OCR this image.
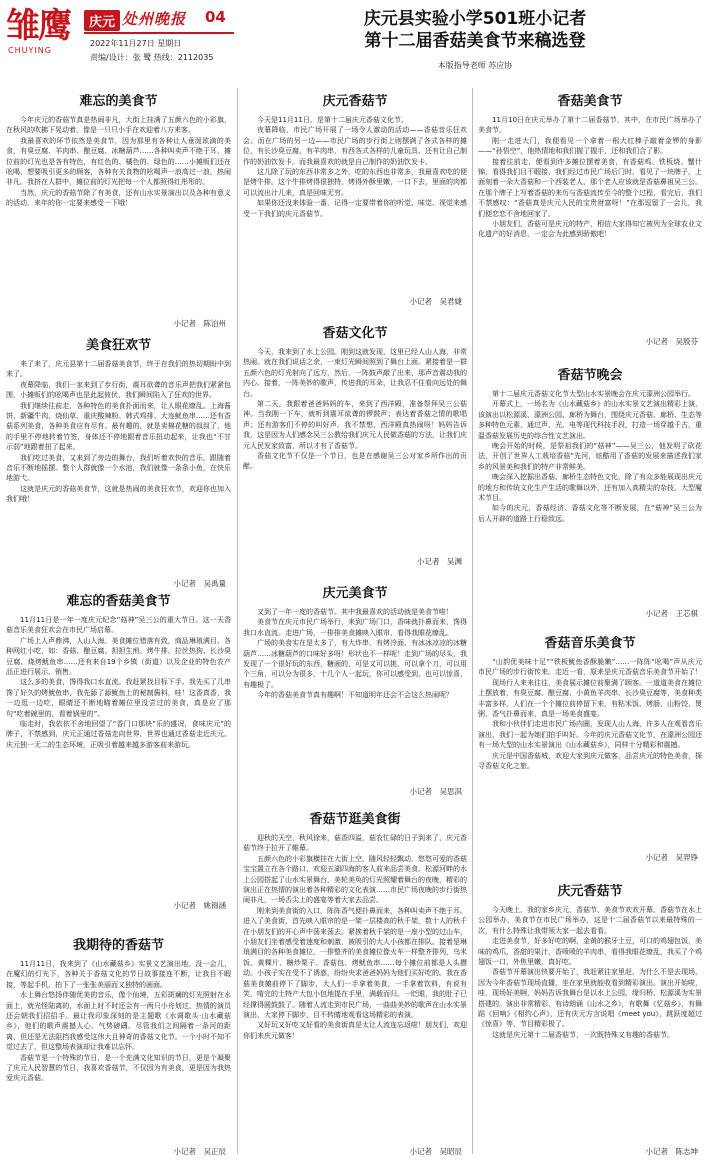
雏鹰
CHUYING
庆元 处州晚报 04
2022年11月27日 星期日
责编/设计：张 鹭 热线：2112035
庆元县实验小学501班小记者
第十二届香菇美食节来稿选登
本版指导老师 苏应协
难忘的美食节

今年庆元的香菇节真是热闹非凡，大街上挂满了五颜六色的小彩旗，在秋风的吹拂下晃动着，像是一只只小手在欢迎着八方来客。

我最喜欢的环节依然是美食节，因为那里有各种让人垂涎欲滴的美食，有臭豆腐、羊肉串、酿豆腐、冰糖葫芦……各种叫卖声不绝于耳，摊位前的灯光也是各有特色，有红色的、橘色的、绿色的……小摊贩们还在吆喝，想要吸引更多的顾客，各种有关食物的吆喝声一浪高过一浪，热闹非凡。我挤在人群中，摊位前的灯光把每一个人都照得红彤彤的。

当然，庆元的香菇节除了有美食，还有山水实景演出以及各种有意义的活动，来年的你一定要来感受一下哦！

小记者　陈泊州
美食狂欢节

来了来了，庆元县第十二届香菇美食节，终于在我们的热切期盼中到来了。

夜幕降临，我们一家来到了步行街，震耳欲聋的音乐声把我们紧紧包围，小摊贩们的吆喝声也是此起彼伏，我们瞬间陷入了狂欢的世界。

我们继续往前走，各种特色的美食扑面而来，让人眼花缭乱。上海酱饼、新疆牛肉、烧仙草、重庆酸辣粉、韩式鸡排、大连鱿鱼串……还有香菇系列美食，各种美食应有尽有。最有趣的，就是卖棉花糖的叔叔了，他的手里不停地转着竹签，身体还不停地跟着音乐扭动起来，让我也“不甘示弱”地跟着扭了起来。

我们吃过美食，又来到了旁边的舞台，我们听着欢快的音乐，跟随着音乐不断地摇摆。整个人群就像一个水池，我们就像一条条小鱼，在快乐地游弋。

这就是庆元的香菇美食节，这就是热闹的美食狂欢节，欢迎你也加入我们哦！

小记者　吴禹量
难忘的香菇美食节

11月11日是一年一度庆元纪念“菇神”吴三公的重大节日。这一天香菇音乐美食狂欢会在市民广场启幕。

广场上人声鼎沸，人山人海。美食摊位错落有致，商品琳琅满目。各种网红小吃，如：香菇、酿豆腐、担担生煎、烤牛排、拉丝热狗、长沙臭豆腐、烧烤鱿鱼串……还有来自19个乡镇（街道）以及企业的特色农产品正进行展示、销售。

这么多的美食，馋得我口水直流。我赶紧找目标下手。我先买了几串馋了好久的烤鱿鱼串，我先舔了舔鱿鱼上的秘制酱料，哇！这香真香，我一边逛一边吃，眼睛还不断地瞄着摊位里没尝过的美食，真是应了那句“吃着碗里的，看着锅里的”。

临走时，我依依不舍地回望了“香门口那块”乐的盛况，食味庆元”的牌子，不禁感到，庆元正通过香菇走向世界，世界也通过香菇走近庆元。庆元独一无二的生态环境，正吸引着越来越多游客前来游玩。

小记者　姚锦涵
我期待的香菇节

11月11日，我来到了《山水藏菇乡》实景文艺演出地。没一会儿，在魔幻的灯光下，各种关于香菇文化的节日故事接连不断，让我目不暇接，等起手机，拍下了一张张美丽而又独特的画面。

水上舞台悠扬伴随优美的音乐，像个仙境，五彩斑斓的灯光照射在水面上，就光怪陆离的，水面上时不时还会有一两只小舟划过，热情的演员还会朝我们招招手。最让我印象深刻的是主题歌《水调歌头·山水藏菇乡》，他们的歌声震撼人心、气势磅礴。尽管我们之间隔着一条河的距离，但还是无法阻挡我感受这伟大且神奇的香菇文化节。一个小时不知不觉过去了，但这整场表演却让我难以忘怀。

香菇节是一个特殊的节日，是一个充满文化知识的节日，更是个凝聚了庆元人民智慧的节日，我喜欢香菇节，不仅因为有美食，更是因为我热爱庆元香菇。

小记者　吴正辰
庆元香菇节

今天是11月11日，是第十二届庆元香菇文化节。

夜幕降临，市民广场开展了一场令人激动的活动——香菇音乐狂欢会。而在广场的另一边——市民广场的步行街上则摆满了各式各样的摊位，有长沙臭豆腐，有羊肉串，有西各式各样的儿童玩具，还有让自己制作的奶油饮发卡。而我最喜欢的就是自己制作的奶油饮发卡。

这儿除了玩的东西非常多之外，吃的东西也非常多，我最喜欢吃的便是烤牛排。这个牛排烤得很独特，烤得外酥里嫩，一口下去，里面的肉都可以流出汁儿来，真是回味无穷。

如果你还没来体验一番，记得一定要带着你的听觉、味觉、视觉来感受一下我们的庆元香菇节。

小记者　吴君婕
香菇文化节

今天，我来到了水上公园。刚到这就发现，这里已经人山人海，非常热闹。就在我们说话之余，一束灯光瞬间照到了舞台上面。紧接着是一群五颜六色的灯光射向了远方，然后，一阵鼓声敲了出来，那声音震动我的内心。接着，一阵美妙的歌声，传进我的耳朵，让我忍不住看向远处的舞台。

第二天，我跟着爸爸妈妈的车，来到了西洋殿，准备祭拜吴三公菇神。当我刚一下车，就听到震耳欲聋的锣鼓声；表达着香菇之情的歌唱声；还有游客们不停的叫好声。我不禁想，西洋殿真热闹呀！妈妈告诉我，这是因为人们感念吴三公教给我们庆元人民做香菇的方法，让我们庆元人民发家致富，所以才有了香菇节。

香菇文化节不仅是一个节日，也是在感谢吴三公对家乡所作出的贡献。

小记者　吴渊
庆元美食节

又到了一年一度的香菇节。其中我最喜欢的活动就是美食节啦！

美食节在庆元市民广场举行，来到广场门口，香味就扑鼻而来，馋得我口水直流。走进广场，一排排美食摊映入眼帘，看得我眼花缭乱。

广场的美食实在是太多了，有大炸串、有烤冷面、有冰冰凉凉的冰糖葫芦……冰糖葫芦的口味好多呀！形状也不一样呢！走到广场的尽头，我发现了一个很好玩的东西，糖画的，可是又可以挑，可以拿个刀，可以用个三角，可以分为很多，十几个人一起玩，你可以感受到，也可以惊喜，有趣极了。

今年的香菇美食节真有趣啊！不知道明年还会不会这么热闹呢？

小记者　吴思淇
香菇节逛美食街

迎秋的天空，秋风徐来，菇香四溢，菇农忙碌的日子到来了，庆元香菇节终于拉开了帷幕。

五颜六色的小彩旗横挂在大街上空，随风轻轻飘动，悠悠可爱的香菇宝宝置立在各个路口，欢迎五湖四海的客人前来品尝美食。松源河畔的水上公园搭起了山水实景舞台，美轮美奂的灯光照耀着舞台的夜晚，精彩的演出正在热情的演出着各种精彩的文化表演……市民广场夜晚的步行街热闹非凡，一场舌尖上的盛宴等着大家去品尝。

刚来到美食街的入口，阵阵香气便扑鼻而来，各种叫卖声不绝于耳。进入了美食街，首先映入眼帘的是一架一层楼高的秋千架，数十人的秋千在小朋友们的开心声中荡来荡去。紧挨着秋千架的是一座小型的过山车，小朋友们坐着感受着速度和刺激，被吸引的大人小孩都在排队。接着是琳琅满目的各种美食摊位，一排整齐的美食摊位像火车一样整齐排列，乌米饭、黄粿片、糖炒栗子、香菇包、烤鱿鱼串……每个摊位前都是人头攒动。小孩子实在受不了诱惑，纷纷央求爸爸妈妈为他们买好吃的。我在香菇美食摊前停下了脚步，大人们一手拿着美食，一手拿着饮料，有说有笑，啃完的土特产大包小包地提在手里，满载而归。一眨眼，我的肚子已经撑得圆鼓鼓了。随着人流走到市民广场，一曲曲美妙的歌声在山水实景演出，大家停下脚步，目不转睛地观看这场精彩的表演。

又好玩又好吃又好看的美食街真是太让人流连忘返啦！朋友们，欢迎你们来庆元做客！

小记者　吴昭辰
香菇美食节

11月10日在庆元举办了第十二届香菇节，其中，在市民广场举办了美食节。

刚一走进大门，我便看见一个拿着一根大红棒子敲着金锣的身影——“孙悟空”，他热情地和我们握了握手，还和我们合了影。

接着往前走，便看到许多摊位摆着美食，有香菇鸡、铁板烧、蟹什锦，看得我们目不暇接，我们经过市民广场后门时，看见了一块牌子，上面刻着一朵大香菇和一个西装老人，那个老人应该就是香菇鼻祖吴三公。在那个牌子上写着香菇的来历与香菇流传至今的整个过程，看完后，我们不禁感叹：“香菇真是庆元人民的宝贵财富呀！”在那逗留了一会儿，我们便恋恋不舍地回家了。

小朋友们，香菇可是庆元的特产，相信大家得知它被列为全球农业文化遗产的好消息，一定会为此感到骄傲吧！

小记者　吴殷芬
香菇节晚会

第十二届庆元香菇文化节大型山水实景晚会在庆元濛洲公园举行。

开幕式上，一场名为《山水藏菇乡》的山水实景文艺演出精彩上演，该演出以松源溪、濛洲公园、廊桥为舞台，围绕庆元香菇、廊桥、生态等多种特色元素，通过声、光、电等现代科技手段，打造一场穿越千古，重温香菇发展历史的综合性文艺演出。

晚会开始的时候，是祭祖我们的“菇神”——吴三公，他发明了砍花法，开创了世界人工栽培香菇”先河，炫酷用了香菇的发展来描述我们家乡的风景美和我们的特产非常鲜美。

晚会深入挖掘出香菇、廊桥生态特色文化，除了有众多能展现出庆元的地方和传统文化生产生活的歌舞以外，还有加入高精尖的杂技、大型魔术节目。

如今的庆元，香菇经济、香菇文化等不断发展，在“菇神”吴三公为后人开辟的道路上行稳致远。

小记者　王芯棋
香菇音乐美食节

“山韵优美味十足”“铁板鱿鱼香酥脆嫩”……一阵阵“吆喝”声从庆元市民广场的步行街传来。走近一看，原来是庆元香菇音乐美食节开始了！

现场行人来来往往，美食展示摊位前聚满了顾客。一道道美食在摊位上摆放着，有臭豆腐、酿豆腐、小黄鱼羊肉串、长沙臭豆腐等，美食种类丰富多样，人们在一个个摊位前停留下来，有粘米饭、烤肠、山粉饺、煲粥，香气扑鼻而来，真是一场美食盛宴。

我和小伙伴们走进市民广场内圈，发现人山人海，许多人在观看音乐演出，我们一起为她们拍手叫好。今年的庆元香菇文化节，在濛洲公园还有一场大型的山水实景演出《山水藏菇乡》，同样十分精彩和震撼。

庆元是中国香菇城，欢迎大家到庆元做客，品尝庆元的特色美食，探寻香菇文化之旅。

小记者　吴羿铮
庆元香菇节

今天晚上，我的家乡庆元，香菇节、美食节欢欢开幕。香菇节在水上公园举办，美食节在市民广场举办，这是十二届香菇节以来最特殊的一次，有什么特殊让我带领大家一起去看看。

走进美食节，好多好吃的啊，金黄的猴牙土豆，可口的鸡翅包饭，美味的鸡爪，香甜的果汁，香喷喷的羊肉串，看得我眼花缭乱，我买了个鸡翅饭一口，外焦里嫩，真好吃。

香菇节开幕演出快要开始了，我赶紧往家里赶，为什么不是去现场，因为今年香菇节现场直播，坐在家里就能收看到精彩演出。演出开始啦，哇，现场好美啊，妈妈告诉我舞台是以水上公园、缘归桥、松源溪为实景搭建的。演出非常精彩，有诗朗诵《山水之乡》，有歌舞《忆菇乡》，有舞蹈《回响》《相约心声》，还有庆元方言说唱《meet you》，跳跃度超过《惊喜》等，节目精彩极了。

这就是庆元第十二届香菇节，一次既特殊又有趣的香菇节。

小记者　陈志坤
